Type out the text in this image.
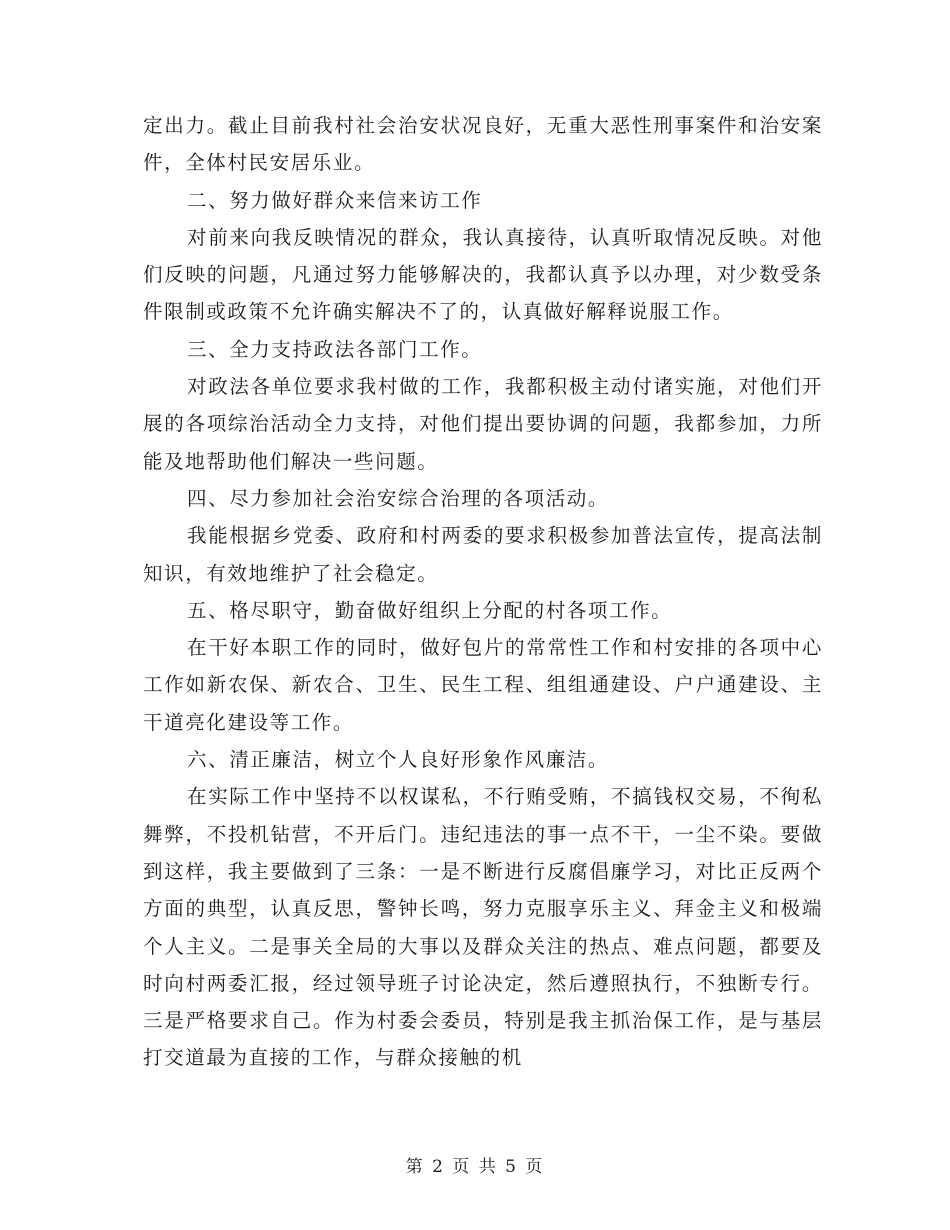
定出力。截止目前我村社会治安状况良好，无重大恶性刑事案件和治安案件，全体村民安居乐业。

二、努力做好群众来信来访工作

对前来向我反映情况的群众，我认真接待，认真听取情况反映。对他们反映的问题，凡通过努力能够解决的，我都认真予以办理，对少数受条件限制或政策不允许确实解决不了的，认真做好解释说服工作。

三、全力支持政法各部门工作。

对政法各单位要求我村做的工作，我都积极主动付诸实施，对他们开展的各项综治活动全力支持，对他们提出要协调的问题，我都参加，力所能及地帮助他们解决一些问题。

四、尽力参加社会治安综合治理的各项活动。

我能根据乡党委、政府和村两委的要求积极参加普法宣传，提高法制知识，有效地维护了社会稳定。

五、格尽职守，勤奋做好组织上分配的村各项工作。

在干好本职工作的同时，做好包片的常常性工作和村安排的各项中心工作如新农保、新农合、卫生、民生工程、组组通建设、户户通建设、主干道亮化建设等工作。

六、清正廉洁，树立个人良好形象作风廉洁。

在实际工作中坚持不以权谋私，不行贿受贿，不搞钱权交易，不徇私舞弊，不投机钻营，不开后门。违纪违法的事一点不干，一尘不染。要做到这样，我主要做到了三条：一是不断进行反腐倡廉学习，对比正反两个方面的典型，认真反思，警钟长鸣，努力克服享乐主义、拜金主义和极端个人主义。二是事关全局的大事以及群众关注的热点、难点问题，都要及时向村两委汇报，经过领导班子讨论决定，然后遵照执行，不独断专行。三是严格要求自己。作为村委会委员，特别是我主抓治保工作，是与基层打交道最为直接的工作，与群众接触的机

第 2 页 共 5 页
